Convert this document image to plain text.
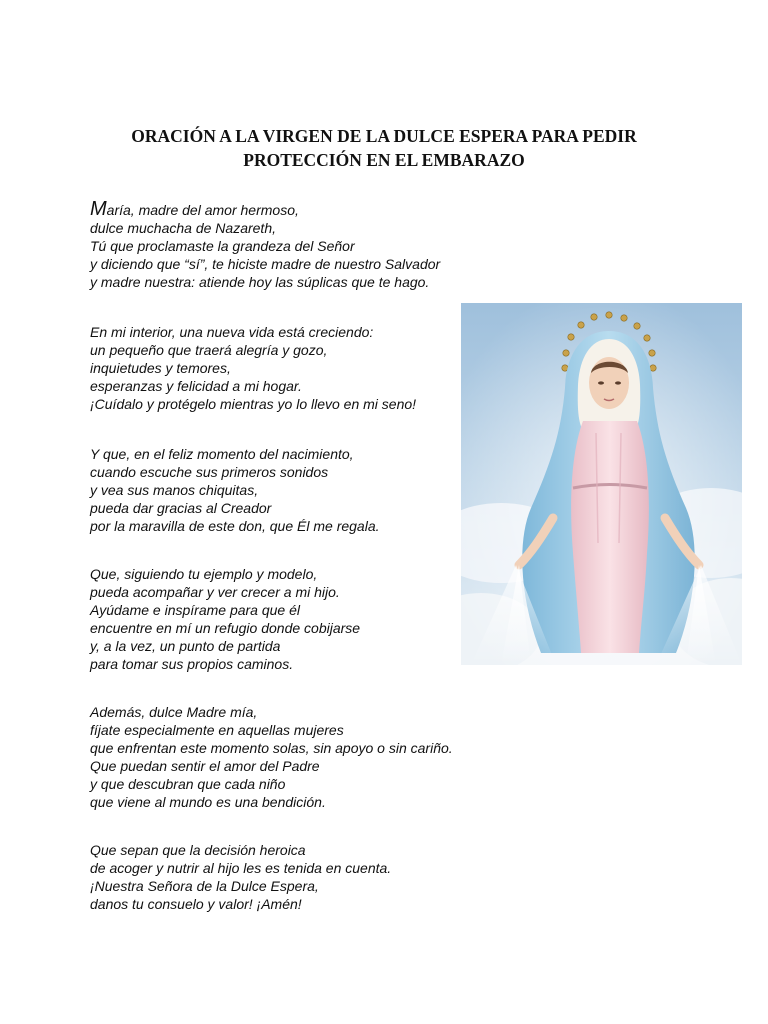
ORACIÓN A LA VIRGEN DE LA DULCE ESPERA PARA PEDIR
PROTECCIÓN EN EL EMBARAZO
María, madre del amor hermoso,
dulce muchacha de Nazareth,
Tú que proclamaste la grandeza del Señor
y diciendo que “sí”, te hiciste madre de nuestro Salvador
y madre nuestra: atiende hoy las súplicas que te hago.
En mi interior, una nueva vida está creciendo:
un pequeño que traerá alegría y gozo,
inquietudes y temores,
esperanzas y felicidad a mi hogar.
¡Cuídalo y protégelo mientras yo lo llevo en mi seno!
Y que, en el feliz momento del nacimiento,
cuando escuche sus primeros sonidos
y vea sus manos chiquitas,
pueda dar gracias al Creador
por la maravilla de este don, que Él me regala.
Que, siguiendo tu ejemplo y modelo,
pueda acompañar y ver crecer a mi hijo.
Ayúdame e inspírame para que él
encuentre en mí un refugio donde cobijarse
y, a la vez, un punto de partida
para tomar sus propios caminos.
Además, dulce Madre mía,
fíjate especialmente en aquellas mujeres
que enfrentan este momento solas, sin apoyo o sin cariño.
Que puedan sentir el amor del Padre
y que descubran que cada niño
que viene al mundo es una bendición.
Que sepan que la decisión heroica
de acoger y nutrir al hijo les es tenida en cuenta.
¡Nuestra Señora de la Dulce Espera,
danos tu consuelo y valor! ¡Amén!
